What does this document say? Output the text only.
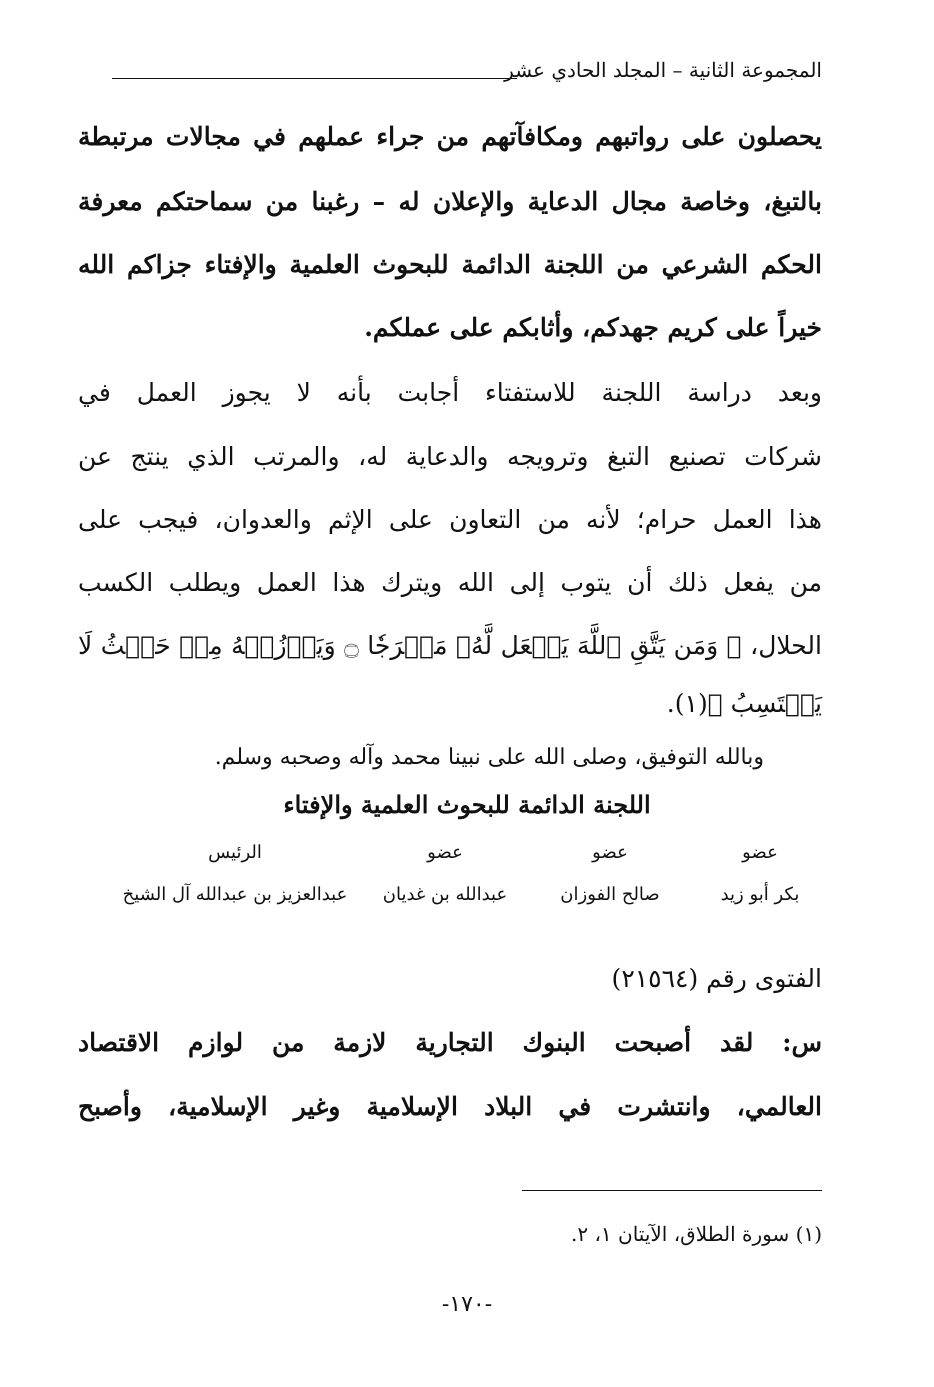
المجموعة الثانية – المجلد الحادي عشر
يحصلون على رواتبهم ومكافآتهم من جراء عملهم في مجالات مرتبطة
بالتبغ، وخاصة مجال الدعاية والإعلان له – رغبنا من سماحتكم معرفة
الحكم الشرعي من اللجنة الدائمة للبحوث العلمية والإفتاء جزاكم الله
خيراً على كريم جهدكم، وأثابكم على عملكم.
وبعد دراسة اللجنة للاستفتاء أجابت بأنه لا يجوز العمل في
شركات تصنيع التبغ وترويجه والدعاية له، والمرتب الذي ينتج عن
هذا العمل حرام؛ لأنه من التعاون على الإثم والعدوان، فيجب على
من يفعل ذلك أن يتوب إلى الله ويترك هذا العمل ويطلب الكسب
الحلال، ﴿ وَمَن يَتَّقِ ٱللَّهَ يَجۡعَل لَّهُۥ مَخۡرَجٗا ۝ وَيَرۡزُقۡهُ مِنۡ حَيۡثُ لَا
يَحۡتَسِبُ ﴾(١).
وبالله التوفيق، وصلى الله على نبينا محمد وآله وصحبه وسلم.
اللجنة الدائمة للبحوث العلمية والإفتاء
عضو
عضو
عضو
الرئيس
بكر أبو زيد
صالح الفوزان
عبدالله بن غديان
عبدالعزيز بن عبدالله آل الشيخ
الفتوى رقم (٢١٥٦٤)
س: لقد أصبحت البنوك التجارية لازمة من لوازم الاقتصاد
العالمي، وانتشرت في البلاد الإسلامية وغير الإسلامية، وأصبح
(١) سورة الطلاق، الآيتان ١، ٢.
-١٧٠-
